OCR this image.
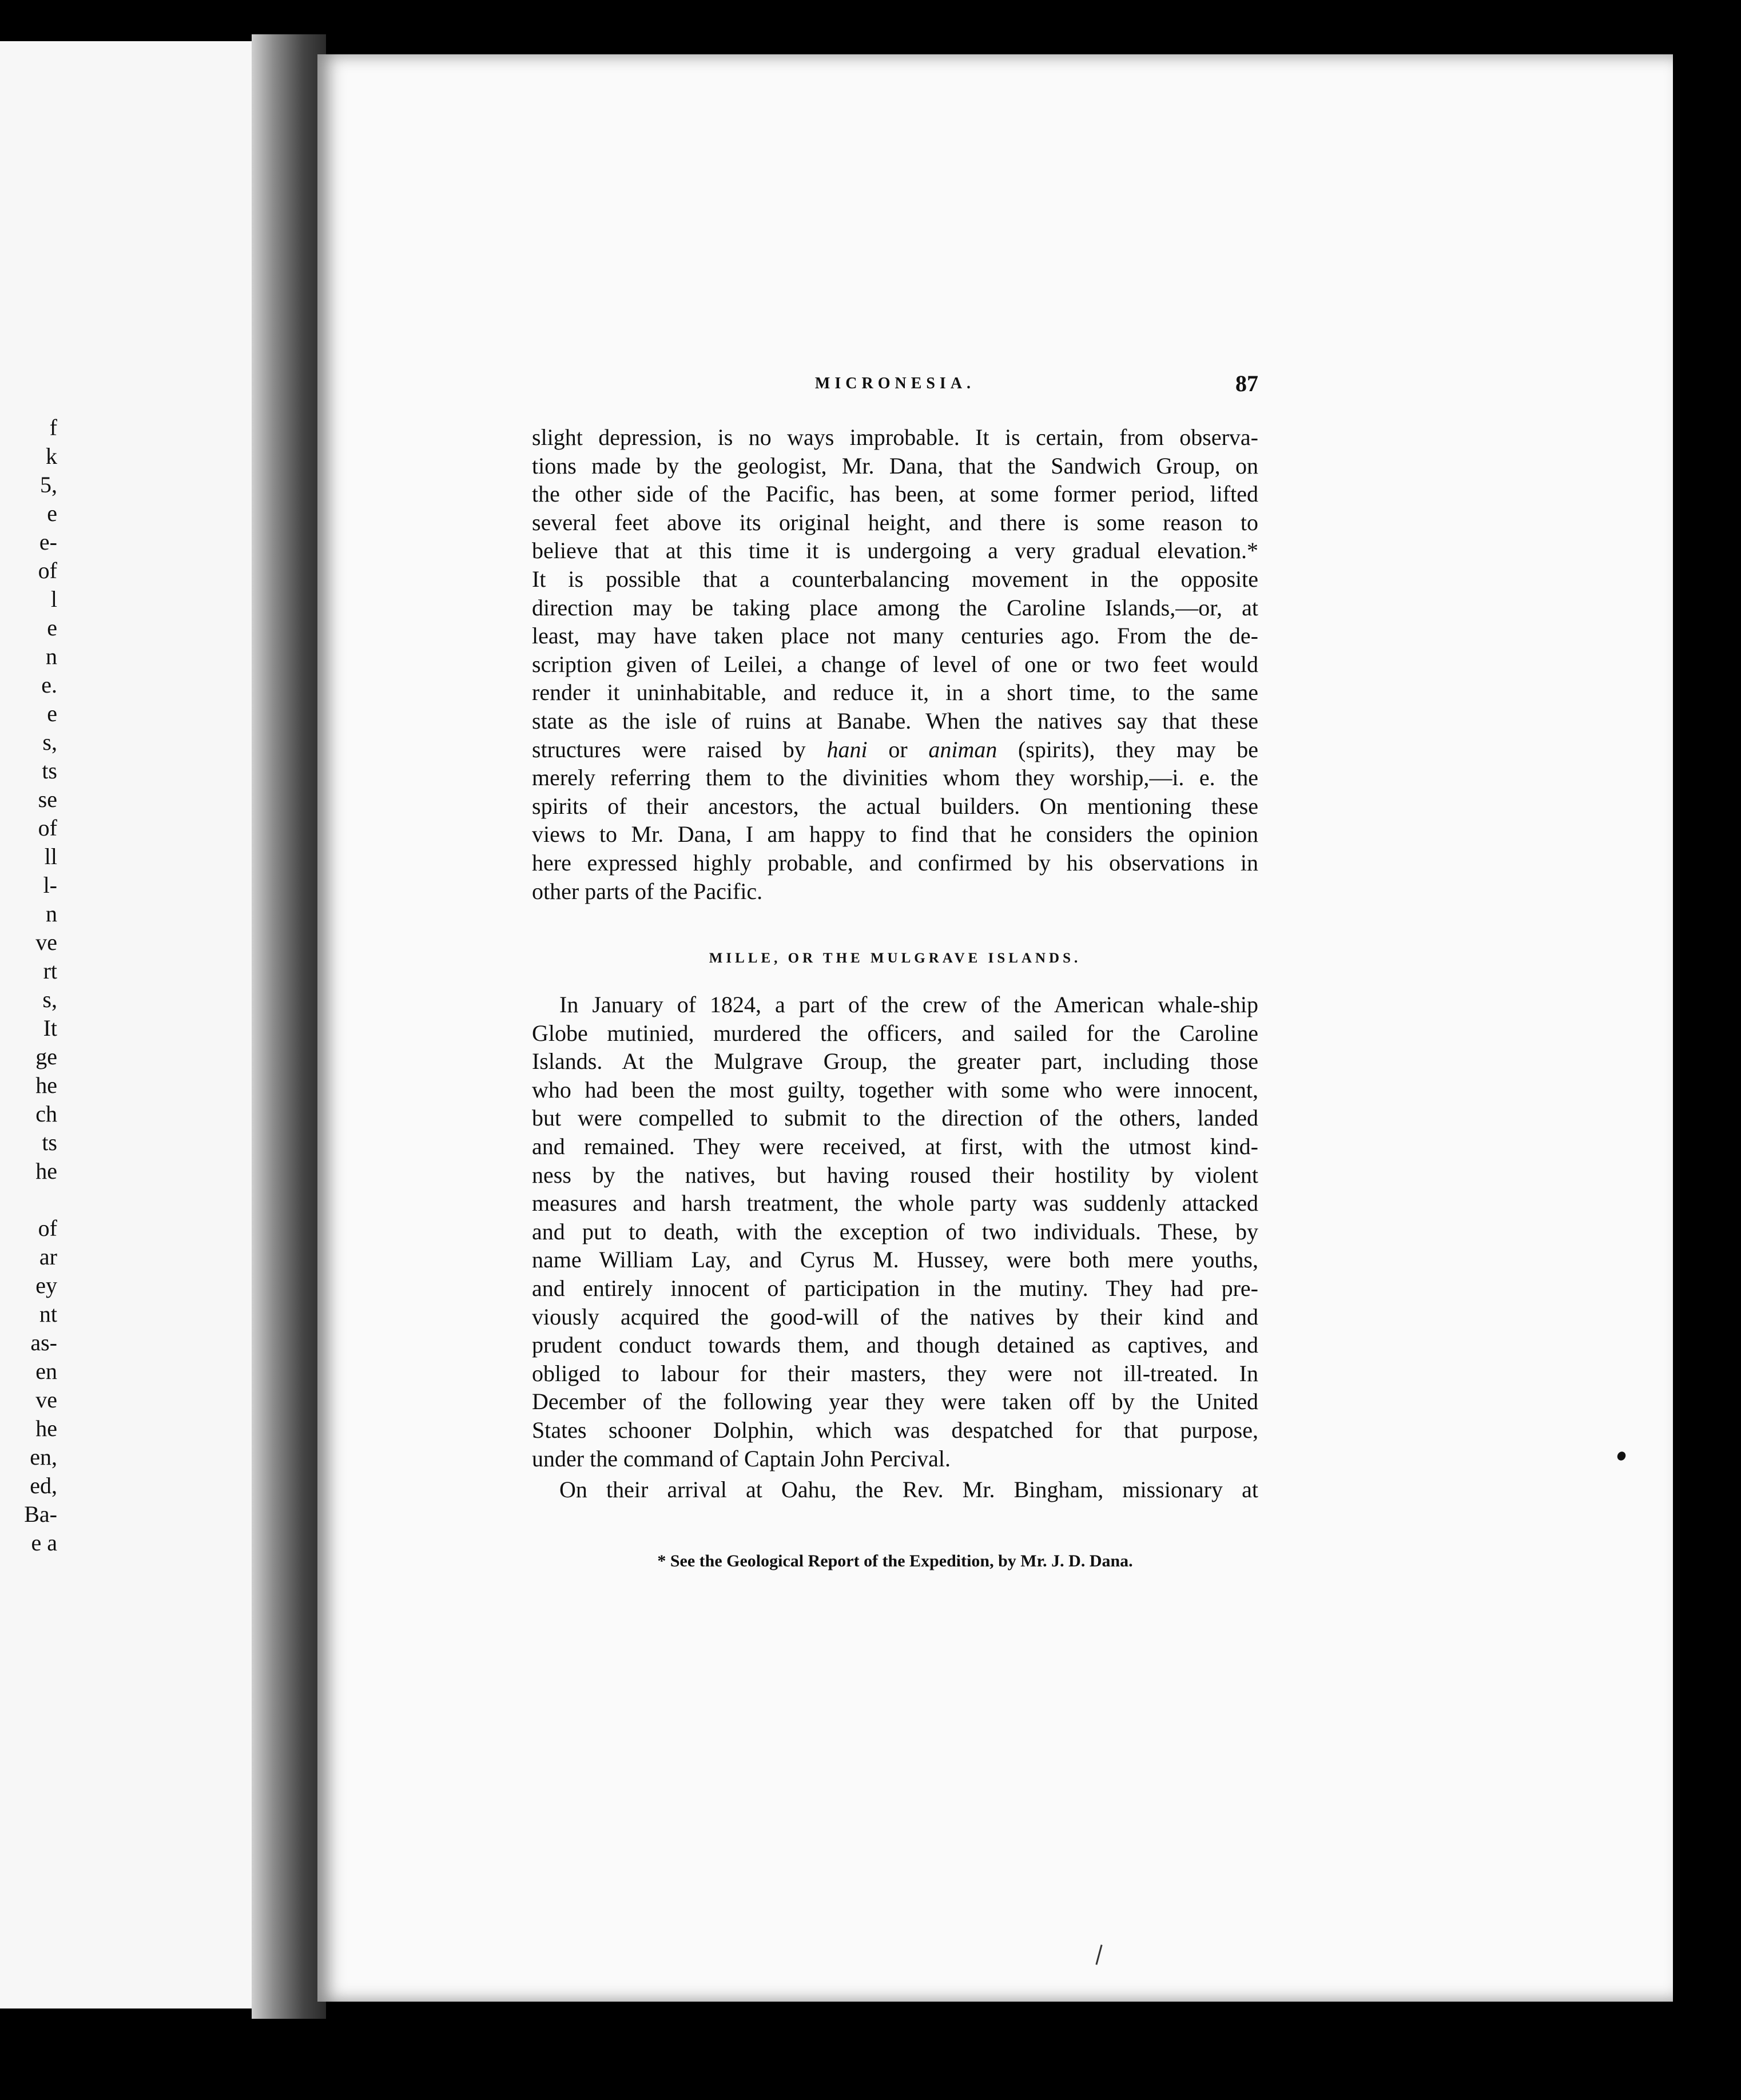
f
k
5,
e
e-
of
l
e
n
e.
e
s,
ts
se
of
ll
l-
n
ve
rt
s,
It
ge
he
ch
ts
he
of
ar
ey
nt
as-
en
ve
he
en,
ed,
Ba-
e a
MICRONESIA.	87
slight depression, is no ways improbable. It is certain, from observa-
tions made by the geologist, Mr. Dana, that the Sandwich Group, on
the other side of the Pacific, has been, at some former period, lifted
several feet above its original height, and there is some reason to
believe that at this time it is undergoing a very gradual elevation.*
It is possible that a counterbalancing movement in the opposite
direction may be taking place among the Caroline Islands,—or, at
least, may have taken place not many centuries ago. From the de-
scription given of Leilei, a change of level of one or two feet would
render it uninhabitable, and reduce it, in a short time, to the same
state as the isle of ruins at Banabe. When the natives say that these
structures were raised by hani or animan (spirits), they may be
merely referring them to the divinities whom they worship,—i. e. the
spirits of their ancestors, the actual builders. On mentioning these
views to Mr. Dana, I am happy to find that he considers the opinion
here expressed highly probable, and confirmed by his observations in
other parts of the Pacific.
MILLE, OR THE MULGRAVE ISLANDS.
In January of 1824, a part of the crew of the American whale-ship
Globe mutinied, murdered the officers, and sailed for the Caroline
Islands. At the Mulgrave Group, the greater part, including those
who had been the most guilty, together with some who were innocent,
but were compelled to submit to the direction of the others, landed
and remained. They were received, at first, with the utmost kind-
ness by the natives, but having roused their hostility by violent
measures and harsh treatment, the whole party was suddenly attacked
and put to death, with the exception of two individuals. These, by
name William Lay, and Cyrus M. Hussey, were both mere youths,
and entirely innocent of participation in the mutiny. They had pre-
viously acquired the good-will of the natives by their kind and
prudent conduct towards them, and though detained as captives, and
obliged to labour for their masters, they were not ill-treated. In
December of the following year they were taken off by the United
States schooner Dolphin, which was despatched for that purpose,
under the command of Captain John Percival.
On their arrival at Oahu, the Rev. Mr. Bingham, missionary at
* See the Geological Report of the Expedition, by Mr. J. D. Dana.
